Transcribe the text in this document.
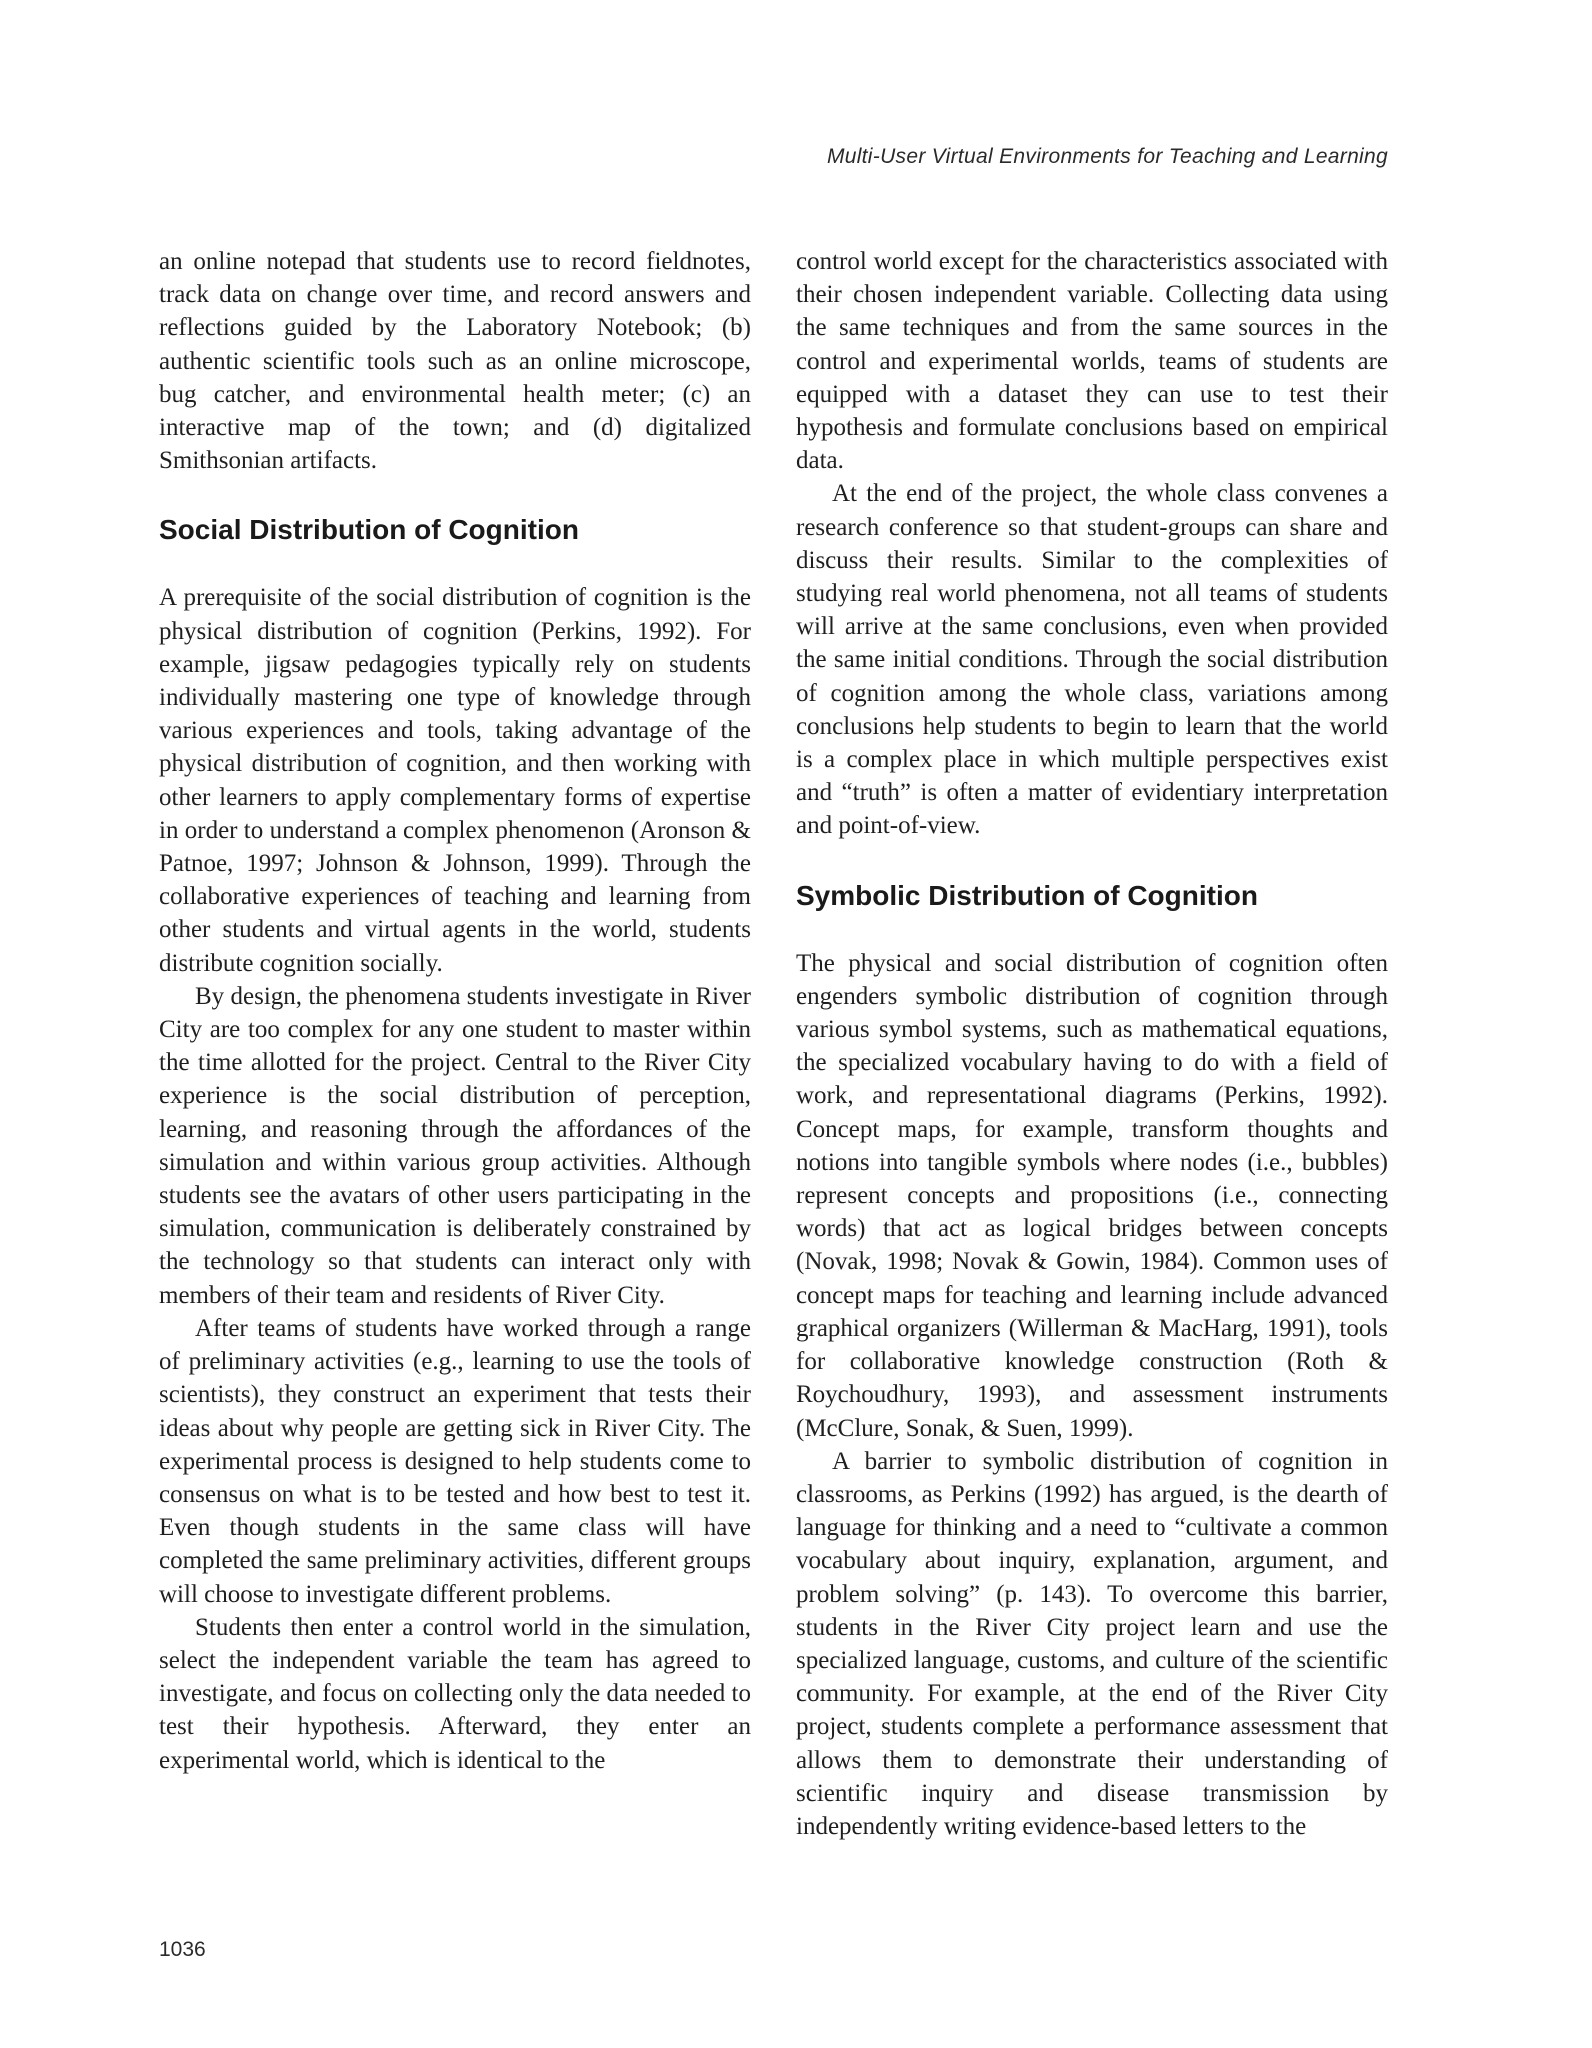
Multi-User Virtual Environments for Teaching and Learning

an online notepad that students use to record fieldnotes, track data on change over time, and record answers and reflections guided by the Laboratory Notebook; (b) authentic scientific tools such as an online microscope, bug catcher, and environmental health meter; (c) an interactive map of the town; and (d) digitalized Smithsonian artifacts.

Social Distribution of Cognition

A prerequisite of the social distribution of cognition is the physical distribution of cognition (Perkins, 1992). For example, jigsaw pedagogies typically rely on students individually mastering one type of knowledge through various experiences and tools, taking advantage of the physical distribution of cognition, and then working with other learners to apply complementary forms of expertise in order to understand a complex phenomenon (Aronson & Patnoe, 1997; Johnson & Johnson, 1999). Through the collaborative experiences of teaching and learning from other students and virtual agents in the world, students distribute cognition socially.

By design, the phenomena students investigate in River City are too complex for any one student to master within the time allotted for the project. Central to the River City experience is the social distribution of perception, learning, and reasoning through the affordances of the simulation and within various group activities. Although students see the avatars of other users participating in the simulation, communication is deliberately constrained by the technology so that students can interact only with members of their team and residents of River City.

After teams of students have worked through a range of preliminary activities (e.g., learning to use the tools of scientists), they construct an experiment that tests their ideas about why people are getting sick in River City. The experimental process is designed to help students come to consensus on what is to be tested and how best to test it. Even though students in the same class will have completed the same preliminary activities, different groups will choose to investigate different problems.

Students then enter a control world in the simulation, select the independent variable the team has agreed to investigate, and focus on collecting only the data needed to test their hypothesis. Afterward, they enter an experimental world, which is identical to the

control world except for the characteristics associated with their chosen independent variable. Collecting data using the same techniques and from the same sources in the control and experimental worlds, teams of students are equipped with a dataset they can use to test their hypothesis and formulate conclusions based on empirical data.

At the end of the project, the whole class convenes a research conference so that student-groups can share and discuss their results. Similar to the complexities of studying real world phenomena, not all teams of students will arrive at the same conclusions, even when provided the same initial conditions. Through the social distribution of cognition among the whole class, variations among conclusions help students to begin to learn that the world is a complex place in which multiple perspectives exist and “truth” is often a matter of evidentiary interpretation and point-of-view.

Symbolic Distribution of Cognition

The physical and social distribution of cognition often engenders symbolic distribution of cognition through various symbol systems, such as mathematical equations, the specialized vocabulary having to do with a field of work, and representational diagrams (Perkins, 1992). Concept maps, for example, transform thoughts and notions into tangible symbols where nodes (i.e., bubbles) represent concepts and propositions (i.e., connecting words) that act as logical bridges between concepts (Novak, 1998; Novak & Gowin, 1984). Common uses of concept maps for teaching and learning include advanced graphical organizers (Willerman & MacHarg, 1991), tools for collaborative knowledge construction (Roth & Roychoudhury, 1993), and assessment instruments (McClure, Sonak, & Suen, 1999).

A barrier to symbolic distribution of cognition in classrooms, as Perkins (1992) has argued, is the dearth of language for thinking and a need to “cultivate a common vocabulary about inquiry, explanation, argument, and problem solving” (p. 143). To overcome this barrier, students in the River City project learn and use the specialized language, customs, and culture of the scientific community. For example, at the end of the River City project, students complete a performance assessment that allows them to demonstrate their understanding of scientific inquiry and disease transmission by independently writing evidence-based letters to the

1036
